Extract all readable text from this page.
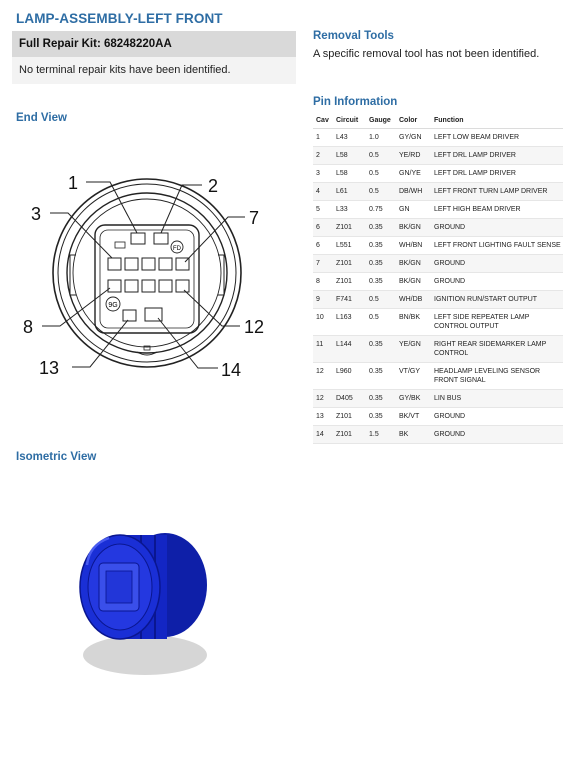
LAMP-ASSEMBLY-LEFT FRONT
Full Repair Kit: 68248220AA
No terminal repair kits have been identified.
Removal Tools
A specific removal tool has not been identified.
End View
Pin Information
Cav	Circuit	Gauge	Color	Function
1	L43	1.0	GY/GN	LEFT LOW BEAM DRIVER
2	L58	0.5	YE/RD	LEFT DRL LAMP DRIVER
3	L58	0.5	GN/YE	LEFT DRL LAMP DRIVER
4	L61	0.5	DB/WH	LEFT FRONT TURN LAMP DRIVER
5	L33	0.75	GN	LEFT HIGH BEAM DRIVER
6	Z101	0.35	BK/GN	GROUND
6	L551	0.35	WH/BN	LEFT FRONT LIGHTING FAULT SENSE
7	Z101	0.35	BK/GN	GROUND
8	Z101	0.35	BK/GN	GROUND
9	F741	0.5	WH/DB	IGNITION RUN/START OUTPUT
10	L163	0.5	BN/BK	LEFT SIDE REPEATER LAMP CONTROL OUTPUT
11	L144	0.35	YE/GN	RIGHT REAR SIDEMARKER LAMP CONTROL
12	L960	0.35	VT/GY	HEADLAMP LEVELING SENSOR FRONT SIGNAL
12	D405	0.35	GY/BK	LIN BUS
13	Z101	0.35	BK/VT	GROUND
14	Z101	1.5	BK	GROUND
FD
9G
1	2
3	7
8	12
13	14
Isometric View
